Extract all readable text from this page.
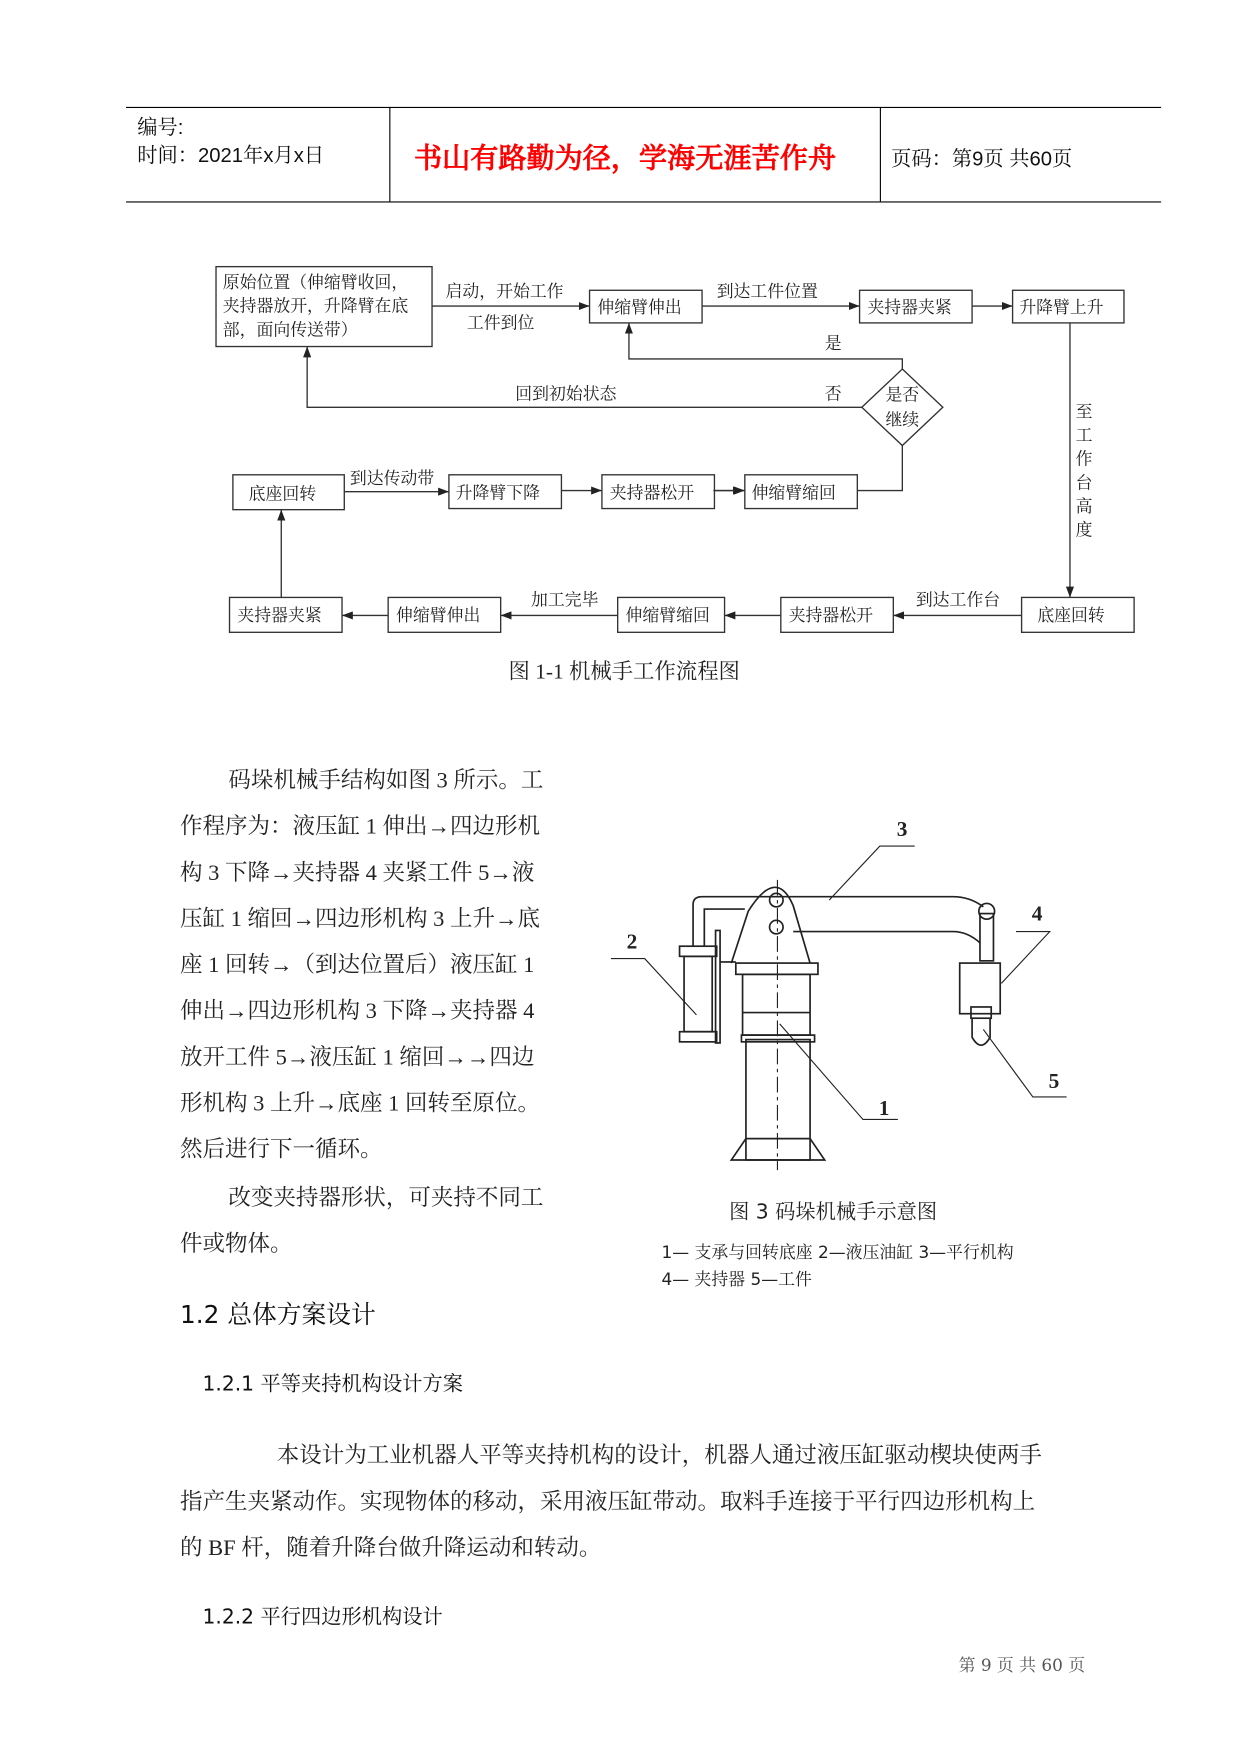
编号:
时间：2021年x月x日	书山有路勤为径，学海无涯苦作舟	页码：第9页 共60页
原始位置（伸缩臂收回，
夹持器放开，升降臂在底
部，面向传送带）
启动，开始工作
工件到位
伸缩臂伸出
到达工件位置
夹持器夹紧	升降臂上升
是
否	是否
继续
回到初始状态
至
工
作
台
高
度
底座回转
到达传动带
升降臂下降	夹持器松开	伸缩臂缩回
夹持器夹紧	伸缩臂伸出
加工完毕
伸缩臂缩回	夹持器松开
到达工作台
底座回转
图 1-1 机械手工作流程图
码垛机械手结构如图 3 所示。工
作程序为：液压缸 1 伸出→四边形机
构 3 下降→夹持器 4 夹紧工件 5→液
压缸 1 缩回→四边形机构 3 上升→底
座 1 回转→（到达位置后）液压缸 1
伸出→四边形机构 3 下降→夹持器 4
放开工件 5→液压缸 1 缩回→→四边
形机构 3 上升→底座 1 回转至原位。
然后进行下一循环。
改变夹持器形状，可夹持不同工
件或物体。
1
2
3
4
5
图 3 码垛机械手示意图
1— 支承与回转底座 2—液压油缸 3—平行机构
4— 夹持器 5—工件
1.2 总体方案设计
1.2.1 平等夹持机构设计方案
本设计为工业机器人平等夹持机构的设计，机器人通过液压缸驱动楔块使两手
指产生夹紧动作。实现物体的移动，采用液压缸带动。取料手连接于平行四边形机构上
的 BF 杆，随着升降台做升降运动和转动。
1.2.2 平行四边形机构设计
第 9 页 共 60 页
